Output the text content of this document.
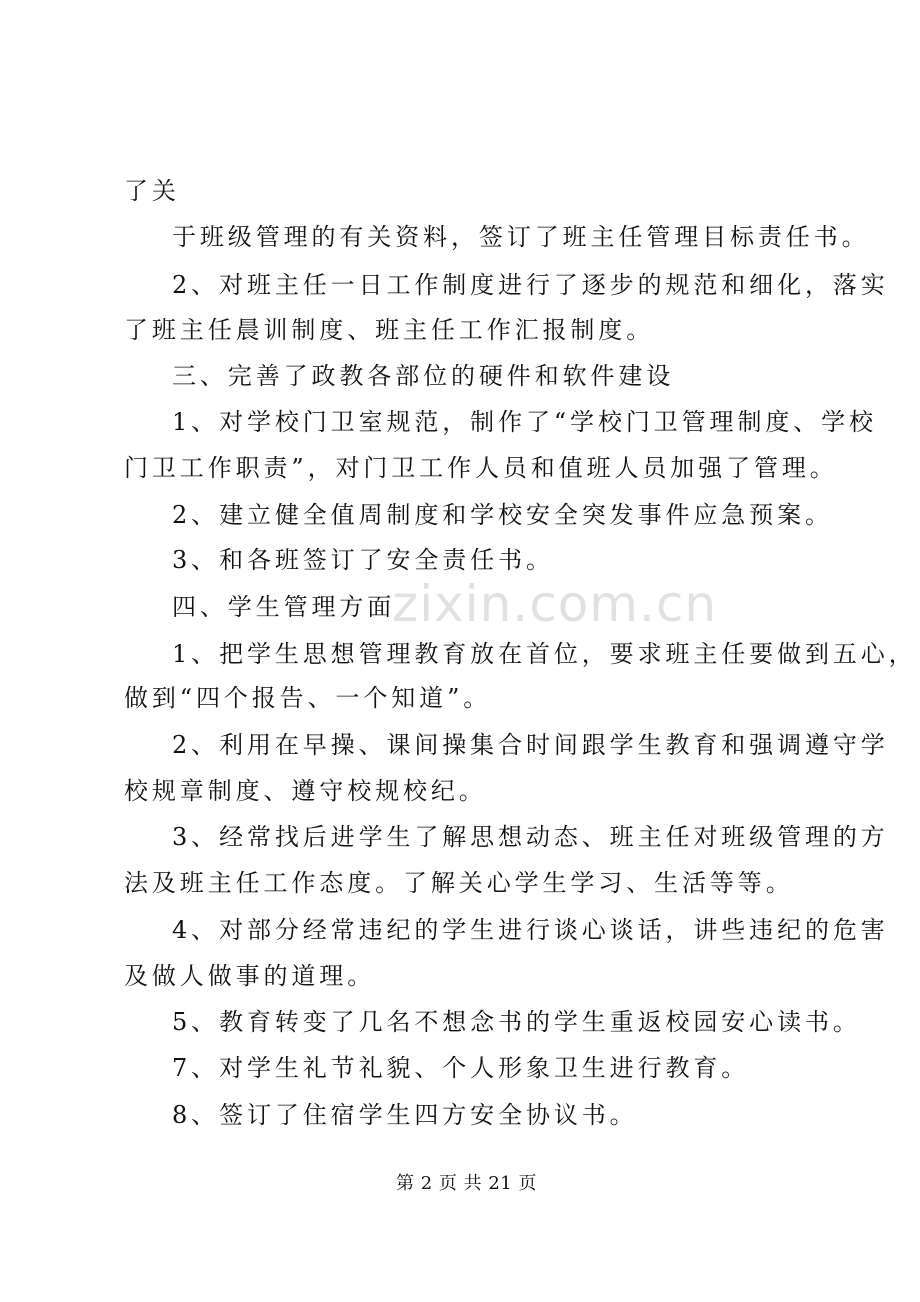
了关
于班级管理的有关资料，签订了班主任管理目标责任书。
2、对班主任一日工作制度进行了逐步的规范和细化，落实
了班主任晨训制度、班主任工作汇报制度。
三、完善了政教各部位的硬件和软件建设
1、对学校门卫室规范，制作了“学校门卫管理制度、学校
门卫工作职责”，对门卫工作人员和值班人员加强了管理。
2、建立健全值周制度和学校安全突发事件应急预案。
3、和各班签订了安全责任书。
四、学生管理方面
1、把学生思想管理教育放在首位，要求班主任要做到五心，
做到“四个报告、一个知道”。
2、利用在早操、课间操集合时间跟学生教育和强调遵守学
校规章制度、遵守校规校纪。
3、经常找后进学生了解思想动态、班主任对班级管理的方
法及班主任工作态度。了解关心学生学习、生活等等。
4、对部分经常违纪的学生进行谈心谈话，讲些违纪的危害
及做人做事的道理。
5、教育转变了几名不想念书的学生重返校园安心读书。
7、对学生礼节礼貌、个人形象卫生进行教育。
8、签订了住宿学生四方安全协议书。
zixin.com.cn
第 2 页 共 21 页
